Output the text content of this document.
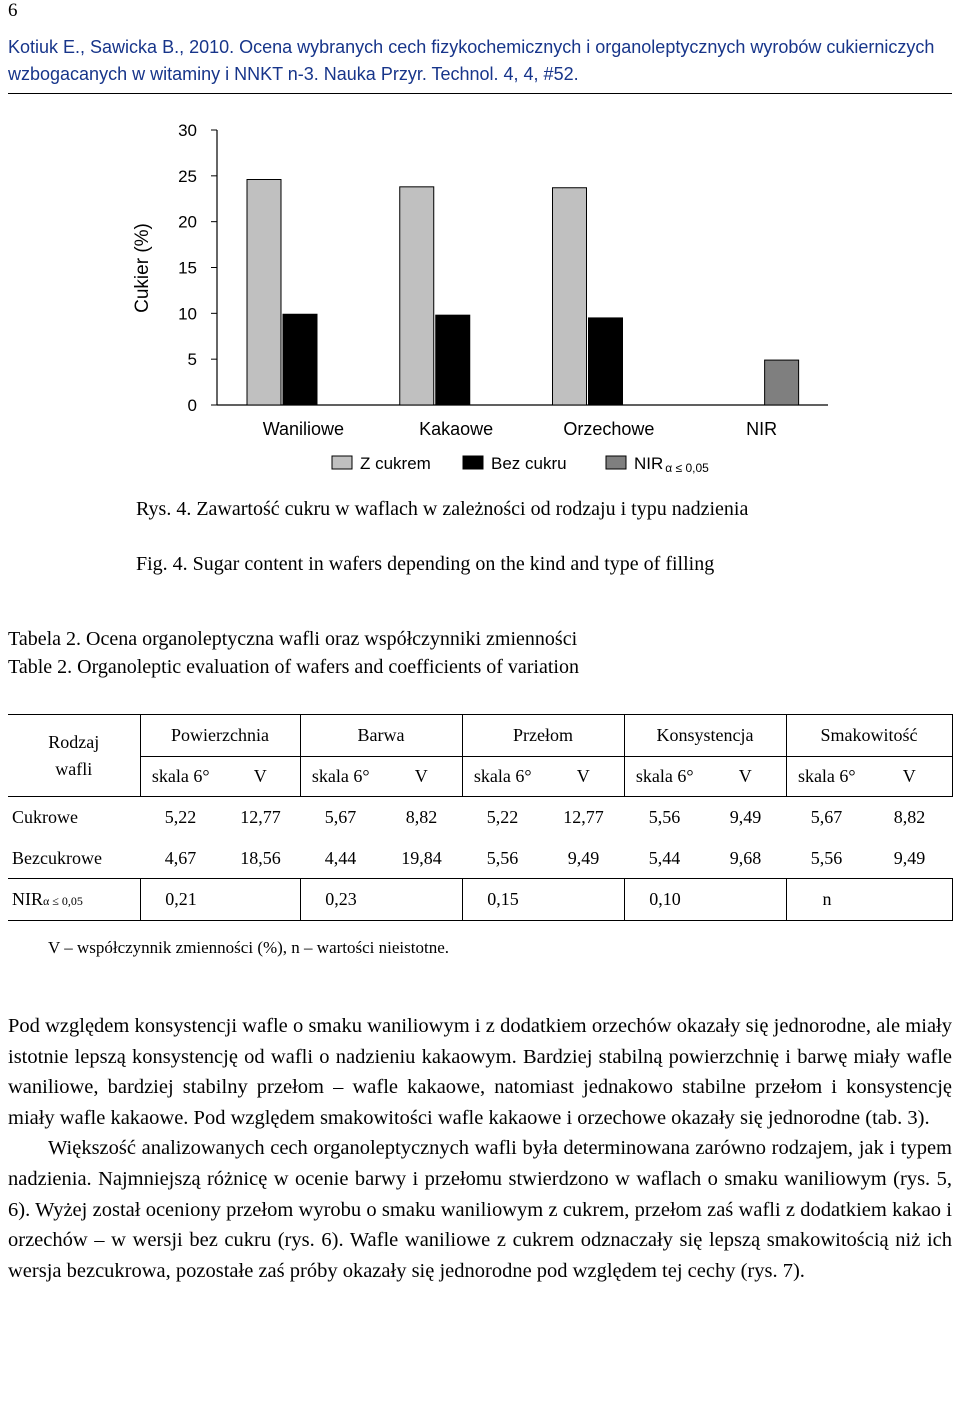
6
Kotiuk E., Sawicka B., 2010. Ocena wybranych cech fizykochemicznych i organoleptycznych wyrobów cukierniczych wzbogacanych w witaminy i NNKT n-3. Nauka Przyr. Technol. 4, 4, #52.
0
5
10
15
20
25
30
Cukier (%)
Waniliowe	Kakaowe	Orzechowe	NIR
Z cukrem	Bez cukru	NIR α ≤ 0,05
Rys. 4. Zawartość cukru w waflach w zależności od rodzaju i typu nadzienia
Fig. 4. Sugar content in wafers depending on the kind and type of filling
Tabela 2. Ocena organoleptyczna wafli oraz współczynniki zmienności
Table 2. Organoleptic evaluation of wafers and coefficients of variation
Rodzaj
wafli	Powierzchnia		Barwa		Przełom		Konsystencja		Smakowitość	
	skala 6°	V	skala 6°	V	skala 6°	V	skala 6°	V	skala 6°	V
Cukrowe	5,22	12,77	5,67	8,82	5,22	12,77	5,56	9,49	5,67	8,82
Bezcukrowe	4,67	18,56	4,44	19,84	5,56	9,49	5,44	9,68	5,56	9,49
NIRα ≤ 0,05	0,21		0,23		0,15		0,10		n	
V – współczynnik zmienności (%), n – wartości nieistotne.

Pod względem konsystencji wafle o smaku waniliowym i z dodatkiem orzechów okazały się jednorodne, ale miały istotnie lepszą konsystencję od wafli o nadzieniu kakaowym. Bardziej stabilną powierzchnię i barwę miały wafle waniliowe, bardziej stabilny przełom – wafle kakaowe, natomiast jednakowo stabilne przełom i konsystencję miały wafle kakaowe. Pod względem smakowitości wafle kakaowe i orzechowe okazały się jednorodne (tab. 3).

Większość analizowanych cech organoleptycznych wafli była determinowana zarówno rodzajem, jak i typem nadzienia. Najmniejszą różnicę w ocenie barwy i przełomu stwierdzono w waflach o smaku waniliowym (rys. 5, 6). Wyżej został oceniony przełom wyrobu o smaku waniliowym z cukrem, przełom zaś wafli z dodatkiem kakao i orzechów – w wersji bez cukru (rys. 6). Wafle waniliowe z cukrem odznaczały się lepszą smakowitością niż ich wersja bezcukrowa, pozostałe zaś próby okazały się jednorodne pod względem tej cechy (rys. 7).
